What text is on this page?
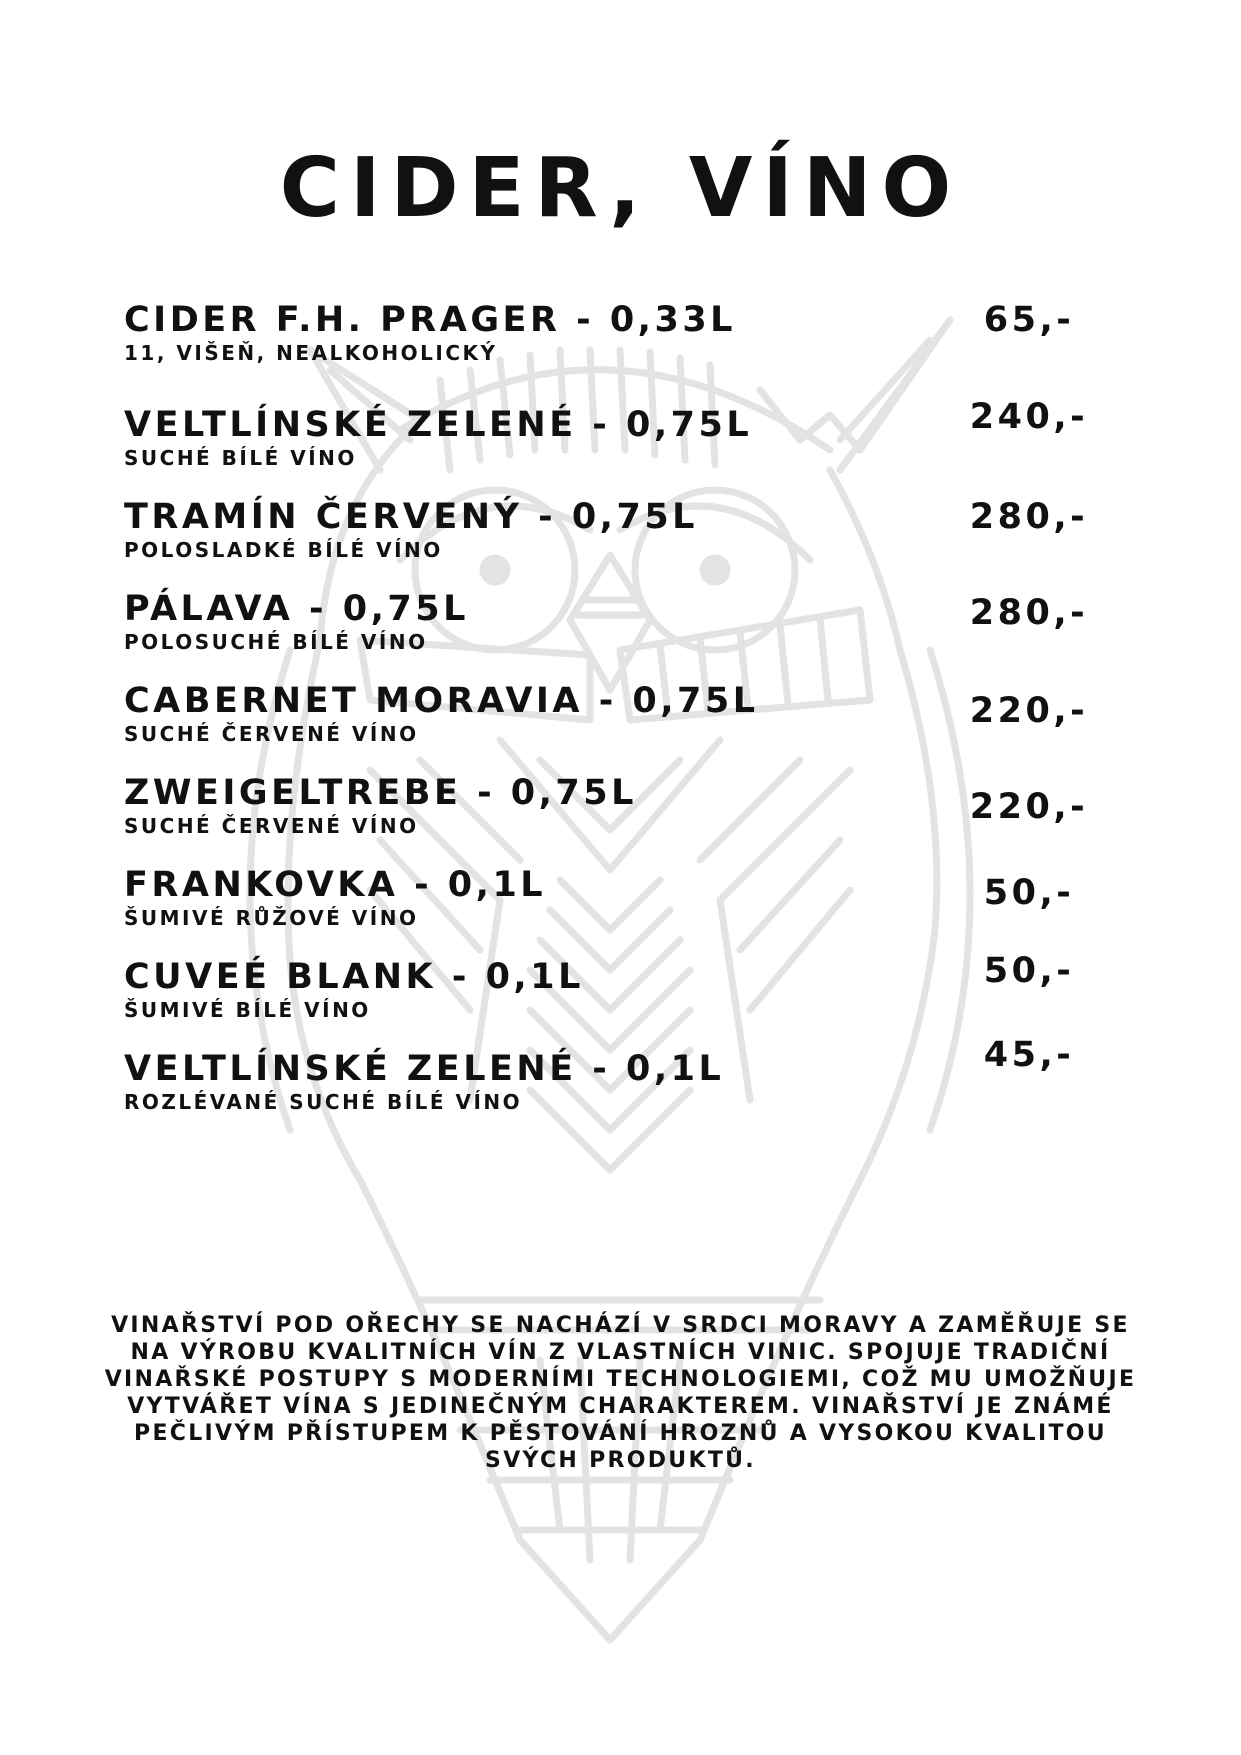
CIDER, VÍNO
CIDER F.H. PRAGER - 0,33L
11, VIŠEŇ, NEALKOHOLICKÝ
65,-
VELTLÍNSKÉ ZELENÉ - 0,75L
SUCHÉ BÍLÉ VÍNO
240,-
TRAMÍN ČERVENÝ - 0,75L
POLOSLADKÉ BÍLÉ VÍNO
280,-
PÁLAVA - 0,75L
POLOSUCHÉ BÍLÉ VÍNO
280,-
CABERNET MORAVIA - 0,75L
SUCHÉ ČERVENÉ VÍNO
220,-
ZWEIGELTREBE - 0,75L
SUCHÉ ČERVENÉ VÍNO	220,-
FRANKOVKA - 0,1L
ŠUMIVÉ RŮŽOVÉ VÍNO
50,-
CUVEÉ BLANK - 0,1L
ŠUMIVÉ BÍLÉ VÍNO
50,-
VELTLÍNSKÉ ZELENÉ - 0,1L
ROZLÉVANÉ SUCHÉ BÍLÉ VÍNO
45,-

VINAŘSTVÍ POD OŘECHY SE NACHÁZÍ V SRDCI MORAVY A ZAMĚŘUJE SE NA VÝROBU KVALITNÍCH VÍN Z VLASTNÍCH VINIC. SPOJUJE TRADIČNÍ VINAŘSKÉ POSTUPY S MODERNÍMI TECHNOLOGIEMI, COŽ MU UMOŽŇUJE VYTVÁŘET VÍNA S JEDINEČNÝM CHARAKTEREM. VINAŘSTVÍ JE ZNÁMÉ PEČLIVÝM PŘÍSTUPEM K PĚSTOVÁNÍ HROZNŮ A VYSOKOU KVALITOU SVÝCH PRODUKTŮ.
